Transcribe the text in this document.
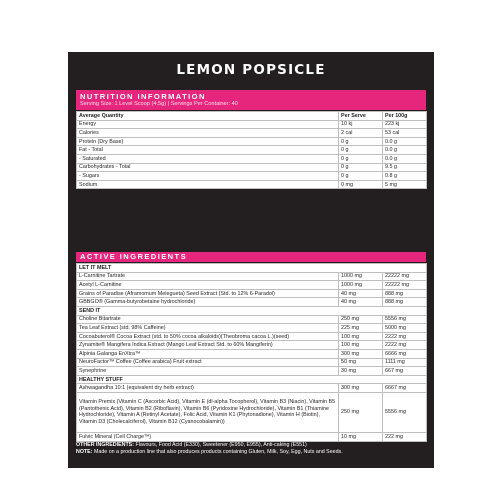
LEMON POPSICLE
NUTRITION INFORMATION
Serving Size: 1 Level Scoop (4.5g) | Servings Per Container: 40
Average Quantity	Per Serve	Per 100g
Energy	10 kj	223 kj
Calories	2 cal	53 cal
Protein (Dry Base)	0 g	0.0 g
Fat - Total	0 g	0.0 g
- Saturated	0 g	0.0 g
Carbohydrates - Total	0 g	9.5 g
- Sugars	0 g	0.8 g
Sodium	0 mg	5 mg
ACTIVE INGREDIENTS
LET IT MELT		
L-Carnitine Tartrate	1000 mg	22222 mg
Acetyl L-Carnitine	1000 mg	22222 mg
Grains of Paradise (Aframomum Melegueta) Seed Extract (Std. to 12% 6-Paradol)	40 mg	888 mg
GBBGO® (Gamma-butyrobetaine hydrochloride)	40 mg	888 mg
SEND IT		
Choline Bitartrate	250 mg	5556 mg
Tea Leaf Extract (std. 98% Caffeine)	225 mg	5000 mg
Cocoabuterol® Cocoa Extract (std. to 50% cocoa alkaloids)(Theobroma cacoa L.)(seed)	100 mg	2222 mg
Zynamite® Mangifera Indica Extract (Mango Leaf Extract Std. to 60% Mangiferin)	100 mg	2222 mg
Alpinia Galanga EnXtra™	300 mg	6666 mg
NeuroFactor™ Coffee (Coffee arabica) Fruit extract	50 mg	1111 mg
Synephrine	30 mg	667 mg
HEALTHY STUFF		
Ashwagandha 10:1 (equivalent dry herb extract)	300 mg	6667 mg
Vitamin Premix (Vitamin C (Ascorbic Acid), Vitamin E (dl-alpha Tocopherol), Vitamin B3 (Niacin), Vitamin B5 (Pantothenic Acid), Vitamin B2 (Riboflavin), Vitamin B6 (Pyridoxine Hydrochloride), Vitamin B1 (Thiamine Hydrochloride), Vitamin A (Retinyl Acetate), Folic Acid, Vitamin K1 (Phytonadione), Vitamin H (Biotin), Vitamin D3 (Cholecalciferol), Vitamin B12 (Cyanocobalamin))	250 mg	5556 mg
Fulvic Mineral (Cell Charge™)	10 mg	222 mg
OTHER INGREDIENTS: Flavours, Food Acid (E330), Sweetener (E950, E955), Anti-caking (E551)
NOTE: Made on a production line that also produces products containing Gluten, Milk, Soy, Egg, Nuts and Seeds.
